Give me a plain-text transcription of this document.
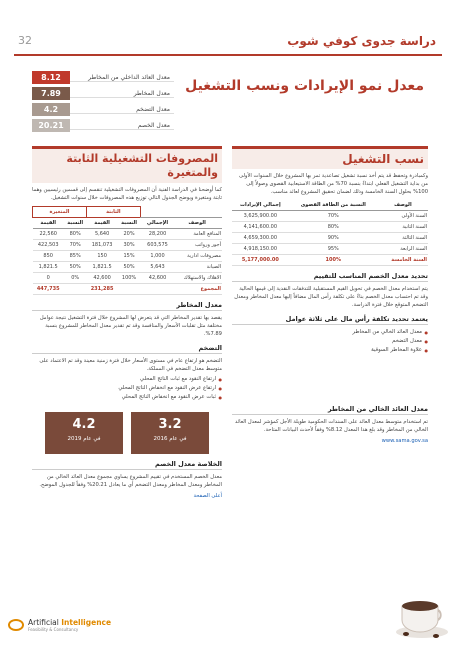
32	دراسة جدوى كوفي شوب
8.12	معدل العائد الداخلي من المخاطر
7.89	معدل المخاطر
4.2	معدل التضخم
20.21	معدل الخصم
معدل نمو الإيرادات ونسب التشغيل
نسب التشغيل
وكمبادرة وتحفظ قد يتم أخذ نسبة تشغيل تصاعدية تمر بها المشروع خلال السنوات الأولى من بداية التشغيل الفعلي ابتداءً بنسبة 70% من الطاقة الاستيعابية القصوى وصولاً إلى 100% بحلول السنة الخامسة وذلك لضمان تحقيق المشروع لعائد مناسب.
الوصف	النسبة من الطاقة القصوى	إجمالي الإيرادات
السنة الأولى	70%	3,625,900.00
السنة الثانية	80%	4,141,600.00
السنة الثالثة	90%	4,659,300.00
السنة الرابعة	95%	4,918,150.00
السنة الخامسة	100%	5,177,000.00
تحديد معدل الخصم المناسب للتقييم
يتم استخدام معدل الخصم في تحويل القيم المستقبلية للتدفقات النقدية إلى قيمها الحالية وقد تم احتساب معدل الخصم بناءً على تكلفة رأس المال مضافاً إليها معدل المخاطر ومعدل التضخم المتوقع خلال فترة الدراسة.
يعتمد تحديد تكلفة رأس مال على ثلاثة عوامل
معدل العائد الخالي من المخاطر ●
معدل التضخم ●
علاوة المخاطر السوقية ●
معدل العائد الخالي من المخاطر
تم استخدام متوسط معدل العائد على السندات الحكومية طويلة الأجل كمؤشر لمعدل العائد الخالي من المخاطر وقد بلغ هذا المعدل 8.12% وفقاً لأحدث البيانات المتاحة.
www.sama.gov.sa
المصروفات التشغيلية الثابتة والمتغيرة
كما أوضحنا في الدراسة الفنية أن المصروفات التشغيلية تنقسم إلى قسمين رئيسيين وهما ثابتة ومتغيرة ويوضح الجدول التالي توزيع هذه المصروفات خلال سنوات التشغيل.
			الثابتة		المتغيرة	
الوصف	الإجمالي		النسبة	القيمة	النسبة	القيمة
المنافع العامة	28,200		20%	5,640	80%	22,560
أجور ورواتب	603,575		30%	181,073	70%	422,503
مصروفات ادارية	1,000		15%	150	85%	850
الصيانة	5,643		50%	1,821.5	50%	1,821.5
الاهلاك والاستهلاك	42,600		100%	42,600	0%	0
المجموع				231,285		447,735
معدل المخاطر
يقصد بها تقدير المخاطر التي قد يتعرض لها المشروع خلال فترة التشغيل نتيجة عوامل مختلفة مثل تقلبات الأسعار والمنافسة وقد تم تقدير معدل المخاطر للمشروع بنسبة 7.89%.
التضخم
التضخم هو ارتفاع عام في مستوى الأسعار خلال فترة زمنية معينة وقد تم الاعتماد على متوسط معدل التضخم في المملكة.
ارتفاع النقود مع ثبات الناتج المحلي ●
ارتفاع عرض النقود مع انخفاض الناتج المحلي ●
ثبات عرض النقود مع انخفاض الناتج المحلي ●
4.2
في عام 2019
3.2
في عام 2016
الخلاصة معدل الخصم
معدل الخصم المستخدم في تقييم المشروع يساوي مجموع معدل العائد الخالي من المخاطر ومعدل المخاطر ومعدل التضخم أي ما يعادل 20.21% وفقاً للجدول الموضح.
أعلى الصفحة
Artificial Intelligence
Feasibility & Consultancy
